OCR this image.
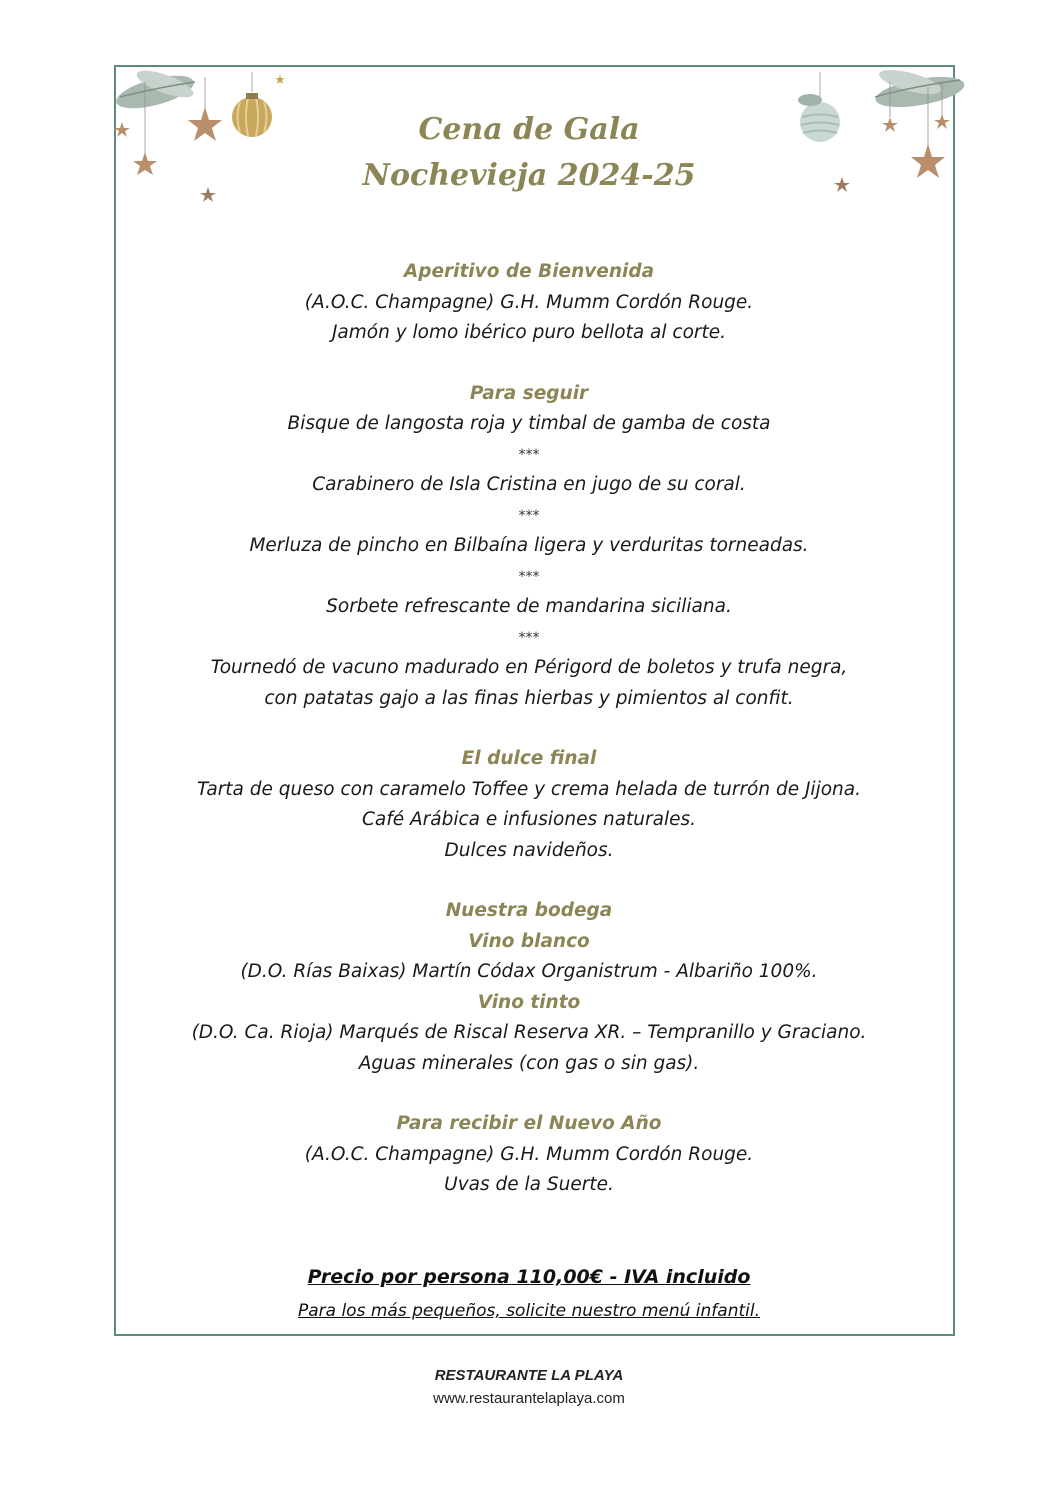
Cena de Gala
Nochevieja 2024-25
Aperitivo de Bienvenida
(A.O.C. Champagne) G.H. Mumm Cordón Rouge.
Jamón y lomo ibérico puro bellota al corte.
Para seguir
Bisque de langosta roja y timbal de gamba de costa
***
Carabinero de Isla Cristina en jugo de su coral.
***
Merluza de pincho en Bilbaína ligera y verduritas torneadas.
***
Sorbete refrescante de mandarina siciliana.
***
Tournedó de vacuno madurado en Périgord de boletos y trufa negra,
con patatas gajo a las finas hierbas y pimientos al confit.
El dulce final
Tarta de queso con caramelo Toffee y crema helada de turrón de Jijona.
Café Arábica e infusiones naturales.
Dulces navideños.
Nuestra bodega
Vino blanco
(D.O. Rías Baixas) Martín Códax Organistrum - Albariño 100%.
Vino tinto
(D.O. Ca. Rioja) Marqués de Riscal Reserva XR. – Tempranillo y Graciano.
Aguas minerales (con gas o sin gas).
Para recibir el Nuevo Año
(A.O.C. Champagne) G.H. Mumm Cordón Rouge.
Uvas de la Suerte.
Precio por persona 110,00€ - IVA incluido
Para los más pequeños, solicite nuestro menú infantil.
RESTAURANTE LA PLAYA
www.restaurantelaplaya.com
